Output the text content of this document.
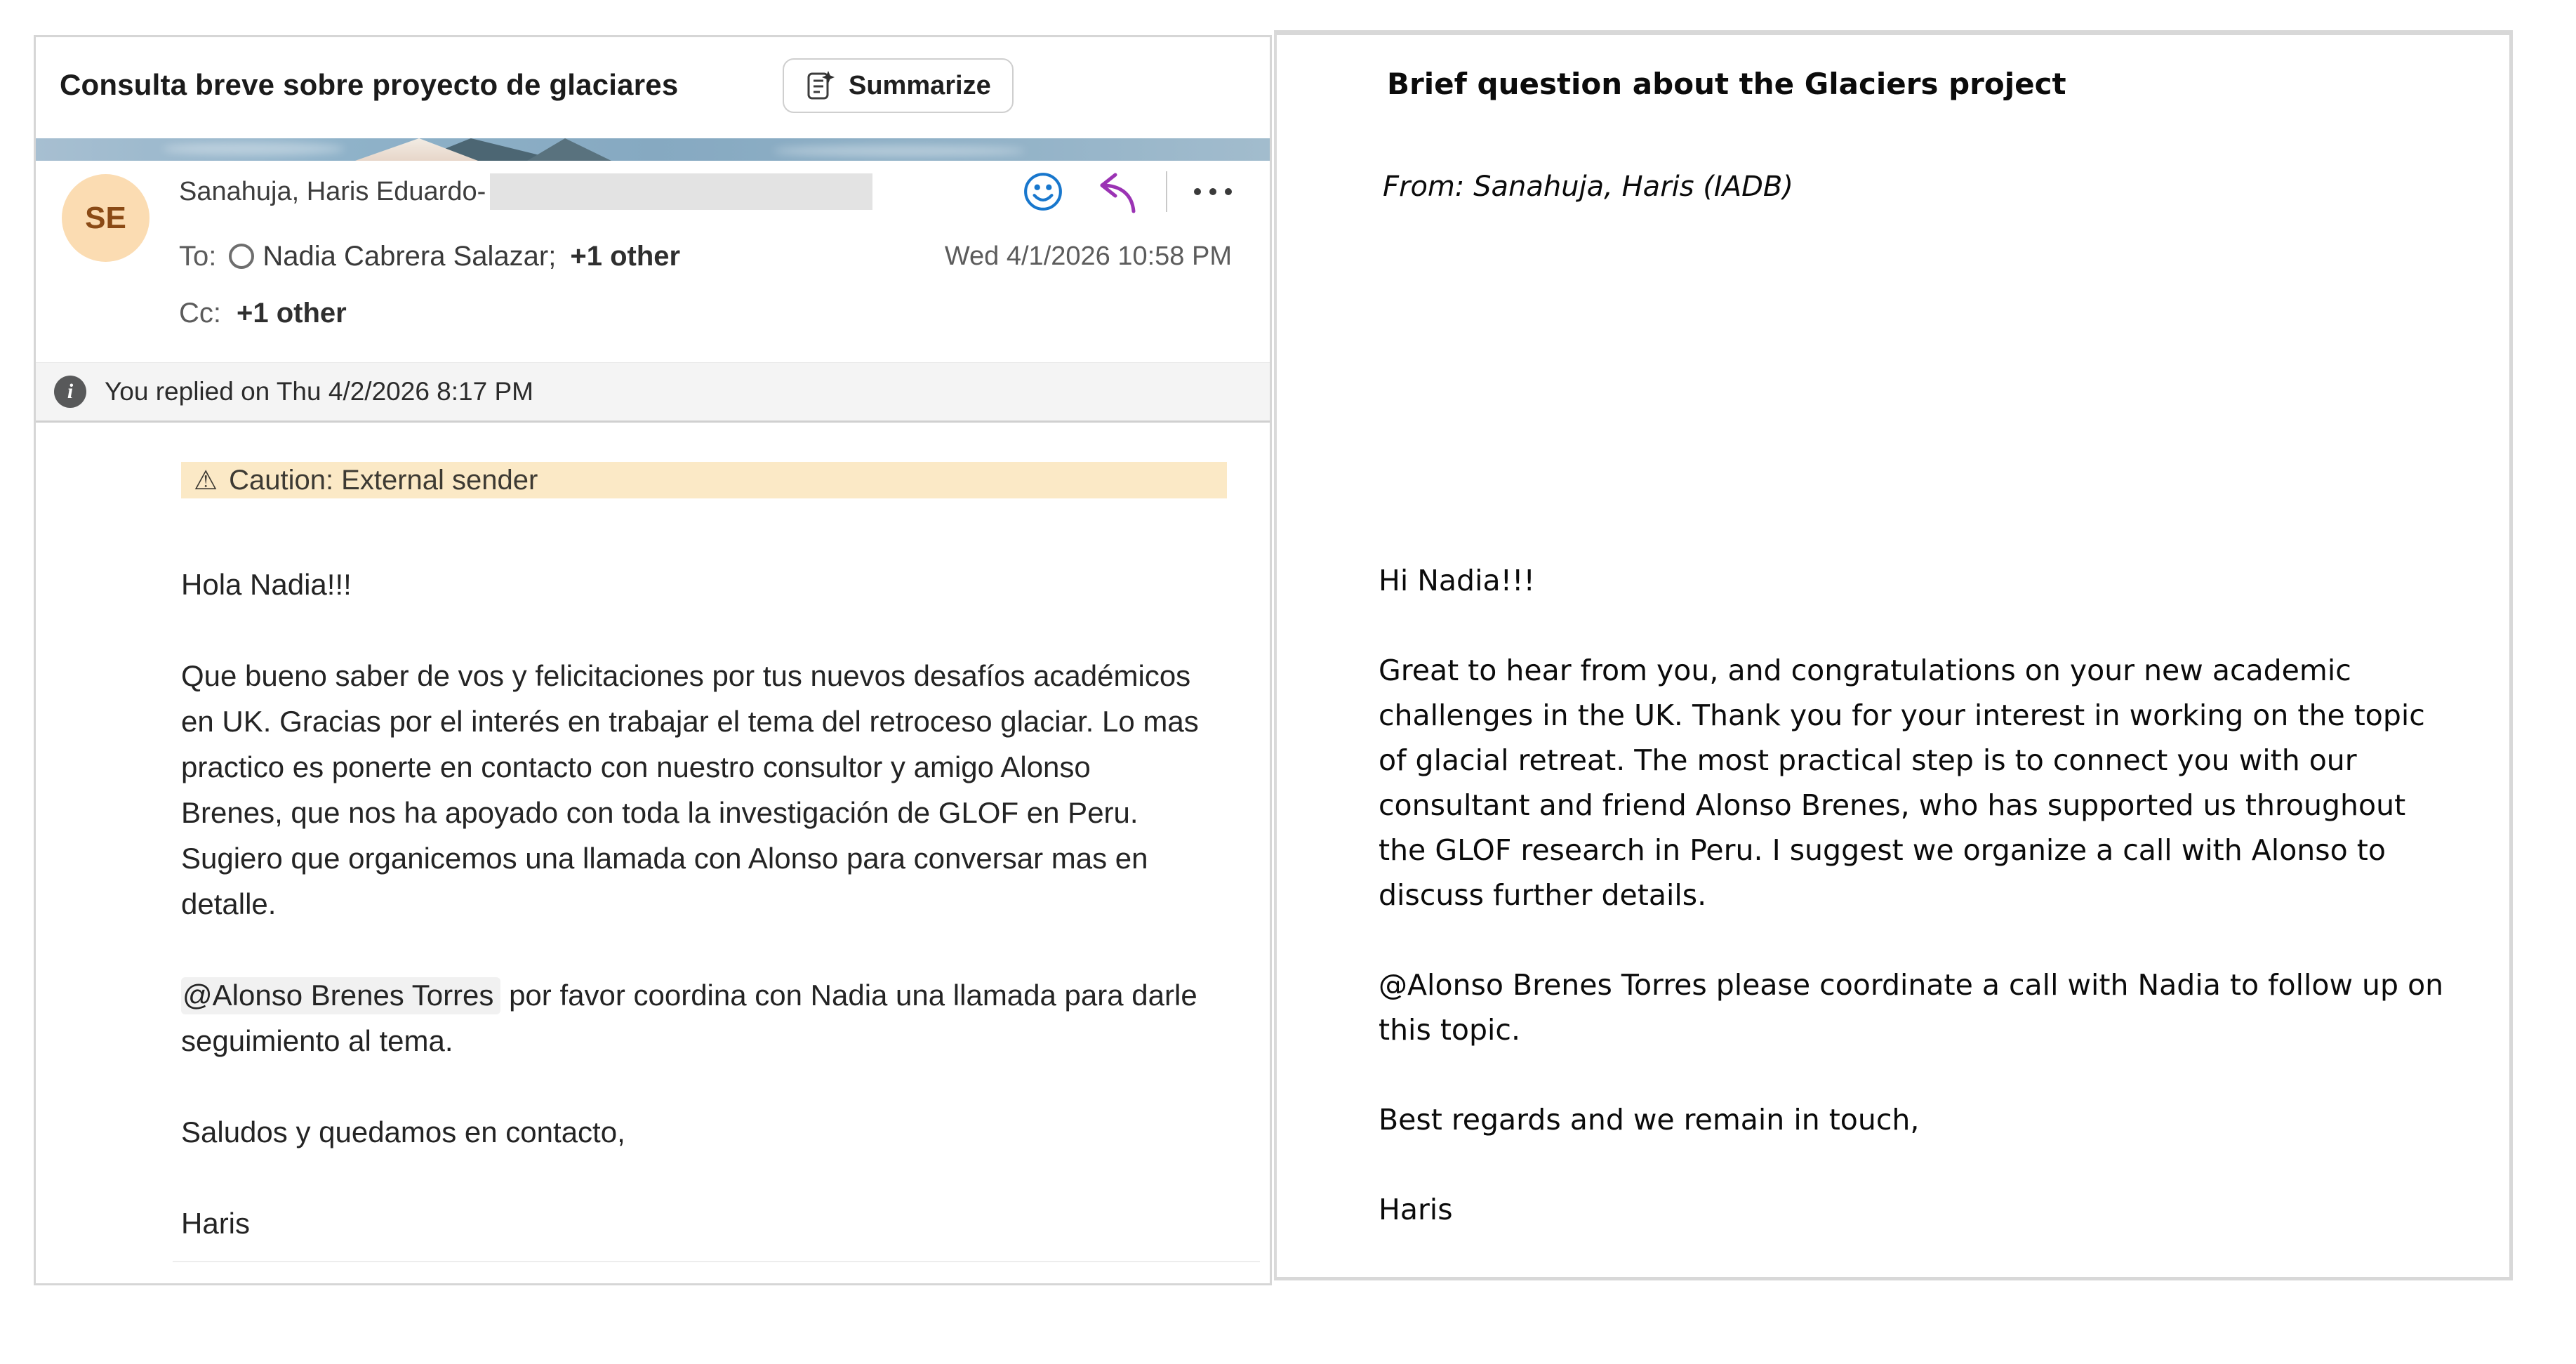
Consulta breve sobre proyecto de glaciares	Summarize
SE
Sanahuja, Haris Eduardo-
To: Nadia Cabrera Salazar; +1 other	Wed 4/1/2026 10:58 PM
Cc: +1 other
i	You replied on Thu 4/2/2026 8:17 PM
⚠ Caution: External sender

Hola Nadia!!!

Que bueno saber de vos y felicitaciones por tus nuevos desafíos académicos en UK. Gracias por el interés en trabajar el tema del retroceso glaciar. Lo mas practico es ponerte en contacto con nuestro consultor y amigo Alonso Brenes, que nos ha apoyado con toda la investigación de GLOF en Peru. Sugiero que organicemos una llamada con Alonso para conversar mas en detalle.

@Alonso Brenes Torres por favor coordina con Nadia una llamada para darle seguimiento al tema.

Saludos y quedamos en contacto,

Haris

Brief question about the Glaciers project
From: Sanahuja, Haris (IADB)

Hi Nadia!!!

Great to hear from you, and congratulations on your new academic challenges in the UK. Thank you for your interest in working on the topic of glacial retreat. The most practical step is to connect you with our consultant and friend Alonso Brenes, who has supported us throughout the GLOF research in Peru. I suggest we organize a call with Alonso to discuss further details.

@Alonso Brenes Torres please coordinate a call with Nadia to follow up on this topic.

Best regards and we remain in touch,

Haris
